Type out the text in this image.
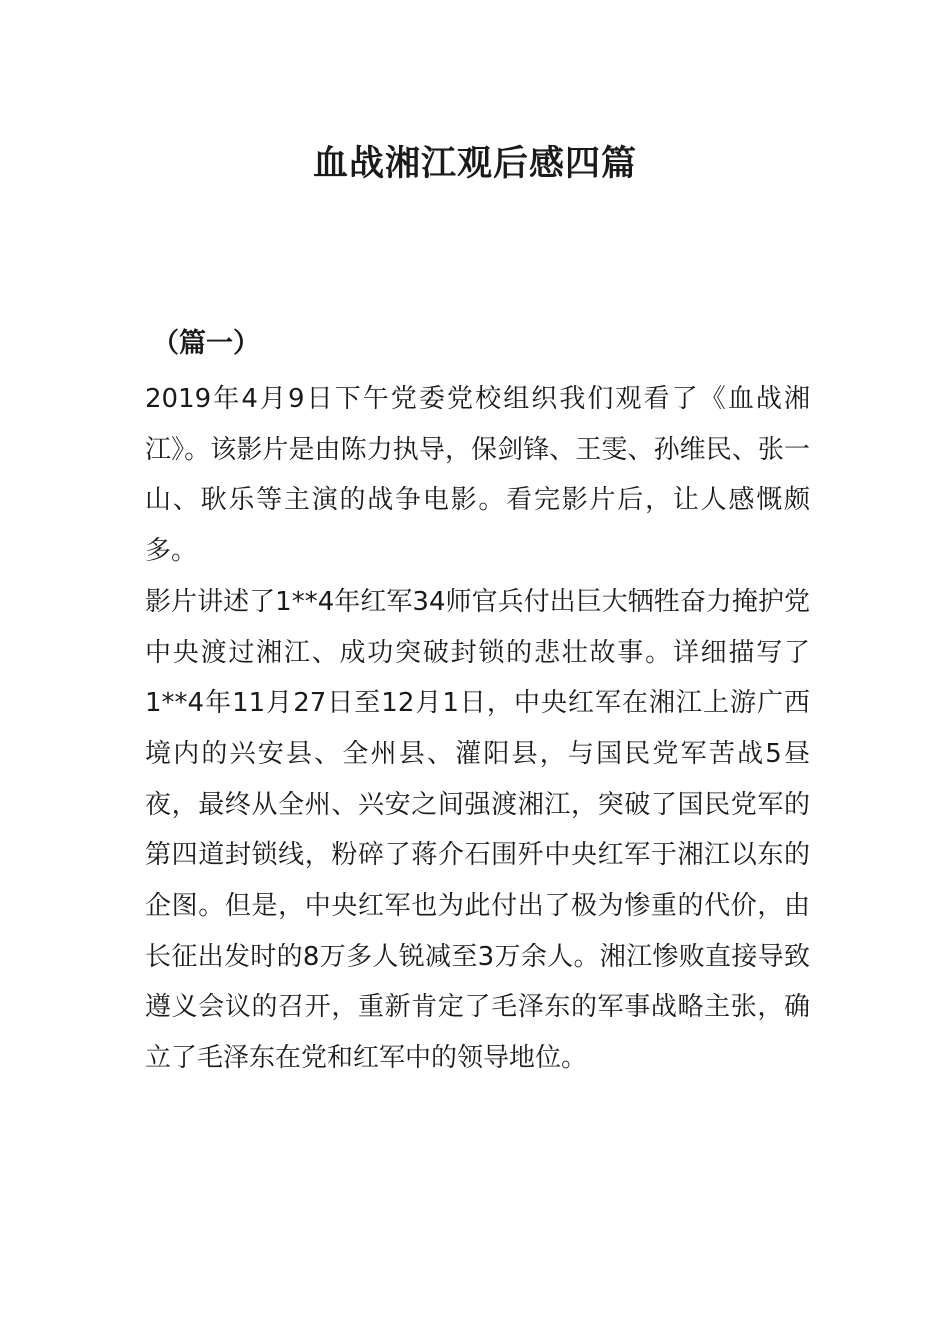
血战湘江观后感四篇
（篇一）

2019年4月9日下午党委党校组织我们观看了《血战湘江》。该影片是由陈力执导，保剑锋、王雯、孙维民、张一山、耿乐等主演的战争电影。看完影片后，让人感慨颇多。

影片讲述了1**4年红军34师官兵付出巨大牺牲奋力掩护党中央渡过湘江、成功突破封锁的悲壮故事。详细描写了1**4年11月27日至12月1日，中央红军在湘江上游广西境内的兴安县、全州县、灌阳县，与国民党军苦战5昼夜，最终从全州、兴安之间强渡湘江，突破了国民党军的第四道封锁线，粉碎了蒋介石围歼中央红军于湘江以东的企图。但是，中央红军也为此付出了极为惨重的代价，由长征出发时的8万多人锐减至3万余人。湘江惨败直接导致遵义会议的召开，重新肯定了毛泽东的军事战略主张，确立了毛泽东在党和红军中的领导地位。
